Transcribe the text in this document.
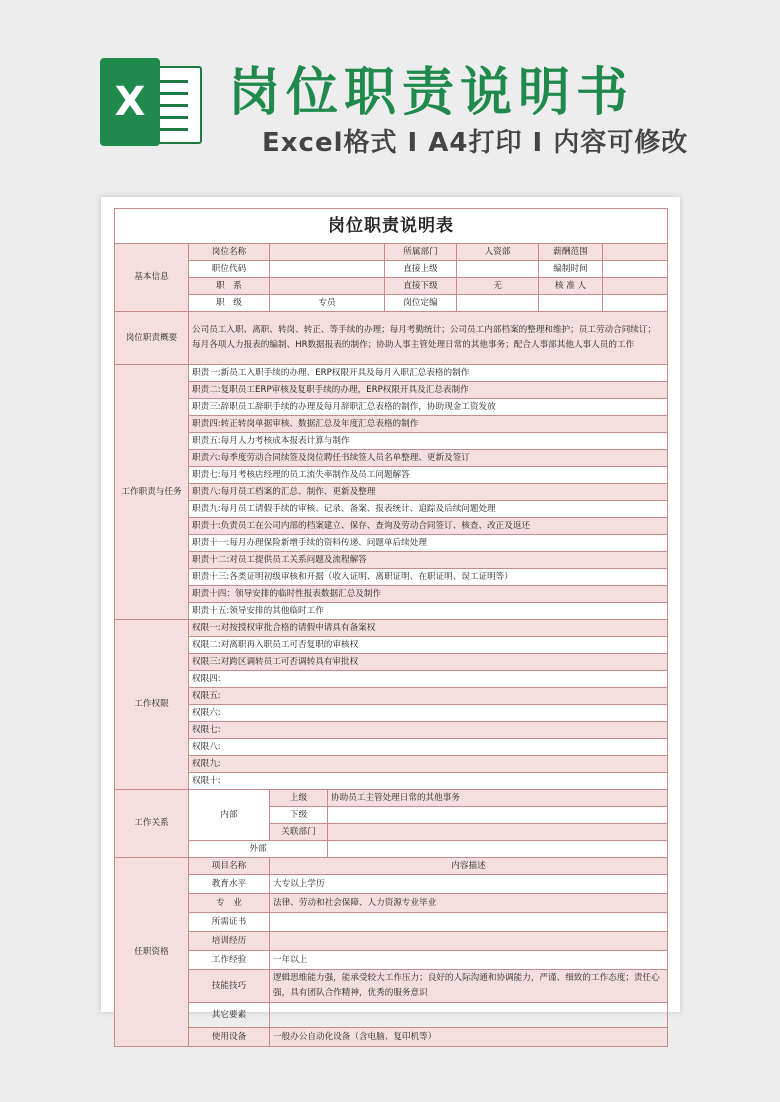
X 岗位职责说明书
Excel格式 I A4打印 I 内容可修改
岗位职责说明表							
基本信息	岗位名称			所属部门	人资部	薪酬范围	
	职位代码			直接上级		编制时间	
	职　系			直接下级	无	核 准 人	
	职　级	专员		岗位定编			
岗位职责概要	公司员工入职、离职、转岗、转正、等手续的办理；每月考勤统计；公司员工内部档案的整理和维护；员工劳动合同续订；每月各项人力报表的编制、HR数据报表的制作；协助人事主管处理日常的其他事务；配合人事部其他人事人员的工作						
工作职责与任务	职责一:新员工入职手续的办理、ERP权限开具及每月入职汇总表格的制作						
	职责二:复职员工ERP审核及复职手续的办理，ERP权限开具及汇总表制作						
	职责三:辞职员工辞职手续的办理及每月辞职汇总表格的制作，协助现金工资发放						
	职责四:转正转岗单据审核、数据汇总及年度汇总表格的制作						
	职责五:每月人力考核成本报表计算与制作						
	职责六:每季度劳动合同续签及岗位聘任书续签人员名单整理、更新及签订						
	职责七:每月考核店经理的员工流失率制作及员工问题解答						
	职责八:每月员工档案的汇总、制作、更新及整理						
	职责九:每月员工请假手续的审核、记录、备案、报表统计、追踪及后续问题处理						
	职责十:负责员工在公司内部的档案建立、保存、查询及劳动合同签订、核查、改正及返还						
	职责十一:每月办理保险新增手续的资料传递、问题单后续处理						
	职责十二:对员工提供员工关系问题及流程解答						
	职责十三:各类证明初级审核和开据（收入证明、离职证明、在职证明、误工证明等）						
	职责十四：领导安排的临时性报表数据汇总及制作						
	职责十五:领导安排的其他临时工作						
工作权限	权限一:对按授权审批合格的请假申请具有备案权						
	权限二:对离职再入职员工可否复职的审核权						
	权限三:对跨区调转员工可否调转具有审批权						
	权限四:						
	权限五:						
	权限六:						
	权限七:						
	权限八:						
	权限九:						
	权限十:						
工作关系	内部	上级	协助员工主管处理日常的其他事务				
		下级					
		关联部门					
	外部						
任职资格	项目名称	内容描述					
	教育水平	大专以上学历					
	专　业	法律、劳动和社会保障、人力资源专业毕业					
	所需证书						
	培训经历						
	工作经验	一年以上					
	技能技巧	逻辑思维能力强，能承受较大工作压力；良好的人际沟通和协调能力，严谨、细致的工作态度；责任心强，具有团队合作精神，优秀的服务意识					
	其它要素						
	使用设备	一般办公自动化设备（含电脑、复印机等）					
